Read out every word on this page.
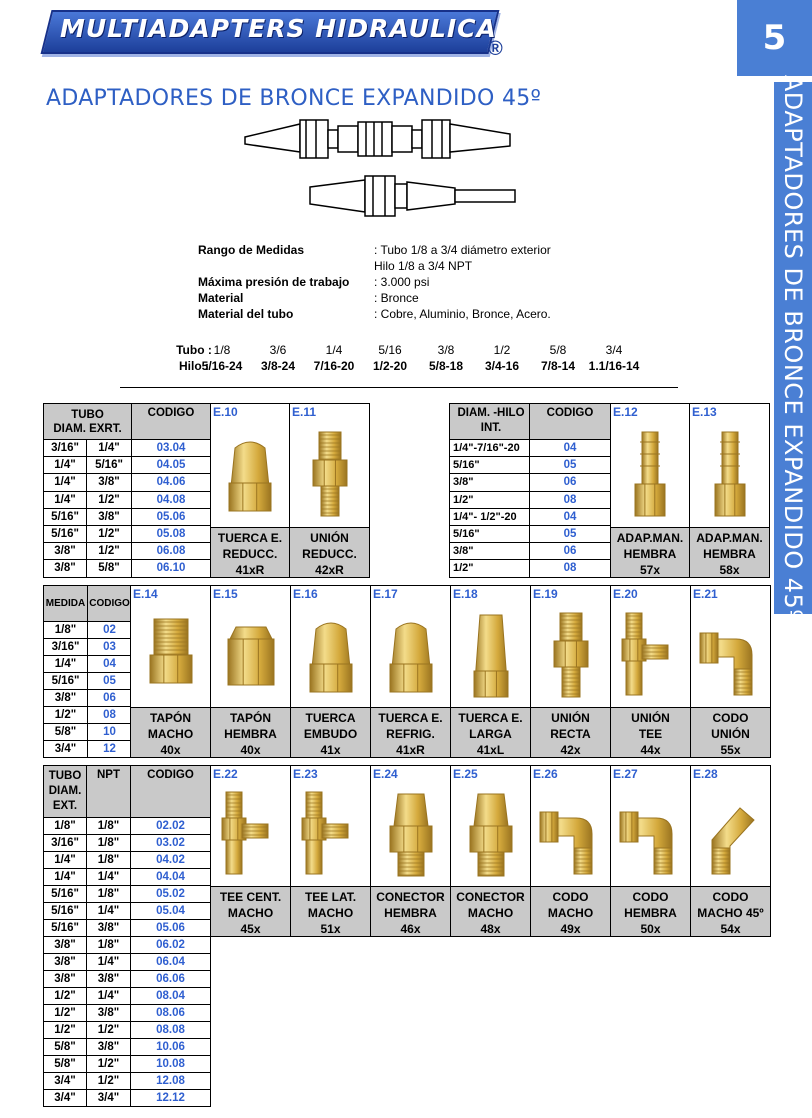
MULTIADAPTERS HIDRAULICA
®	5
ADAPTADORES DE BRONCE EXPANDIDO 45º
ADAPTADORES DE BRONCE EXPANDIDO 45º
Rango de Medidas	: Tubo 1/8 a 3/4 diámetro exterior
Hilo 1/8 a 3/4 NPT
Máxima presión de trabajo : 3.000 psi
Material	: Bronce
Material del tubo	: Cobre, Aluminio, Bronce, Acero.
Tubo :
Hilo :
1/8	3/6	1/4	5/16	3/8	1/2	5/8	3/4
5/16-24	3/8-24	7/16-20	1/2-20	5/8-18	3/4-16	7/8-14	1.1/16-14
TUBO
DIAM. EXRT.
CODIGO
3/16"	1/4"	03.04
1/4"	5/16"	04.05
1/4"	3/8"	04.06
1/4"	1/2"	04.08
5/16"	3/8"	05.06
5/16"	1/2"	05.08
3/8"	1/2"	06.08
3/8"	5/8"	06.10
E.10
TUERCA E.
REDUCC.
41xR
E.11
UNIÓN
REDUCC.
42xR
DIAM. -HILO INT.
CODIGO
1/4"-7/16"-20	04
5/16"	05
3/8"	06
1/2"	08
1/4"- 1/2"-20	04
5/16"	05
3/8"	06
1/2"	08
E.12
ADAP.MAN.
HEMBRA
57x
E.13
ADAP.MAN.
HEMBRA
58x
MEDIDA CODIGO
1/8"	02
3/16"	03
1/4"	04
5/16"	05
3/8"	06
1/2"	08
5/8"	10
3/4"	12
E.14
TAPÓN
MACHO
40x
E.15
TAPÓN
HEMBRA
40x
E.16
TUERCA
EMBUDO
41x
E.17
TUERCA E.
REFRIG.
41xR
E.18
TUERCA E.
LARGA
41xL
E.19
UNIÓN
RECTA
42x
E.20
UNIÓN
TEE
44x
E.21
CODO
UNIÓN
55x
TUBO DIAM. EXT.
NPT	CODIGO
1/8"	1/8"	02.02
3/16"	1/8"	03.02
1/4"	1/8"	04.02
1/4"	1/4"	04.04
5/16"	1/8"	05.02
5/16"	1/4"	05.04
5/16"	3/8"	05.06
3/8"	1/8"	06.02
3/8"	1/4"	06.04
3/8"	3/8"	06.06
1/2"	1/4"	08.04
1/2"	3/8"	08.06
1/2"	1/2"	08.08
5/8"	3/8"	10.06
5/8"	1/2"	10.08
3/4"	1/2"	12.08
3/4"	3/4"	12.12
E.22
TEE CENT.
MACHO
45x
E.23
TEE LAT.
MACHO
51x
E.24
CONECTOR
HEMBRA
46x
E.25
CONECTOR
MACHO
48x
E.26
CODO
MACHO
49x
E.27
CODO
HEMBRA
50x
E.28
CODO
MACHO 45º
54x
